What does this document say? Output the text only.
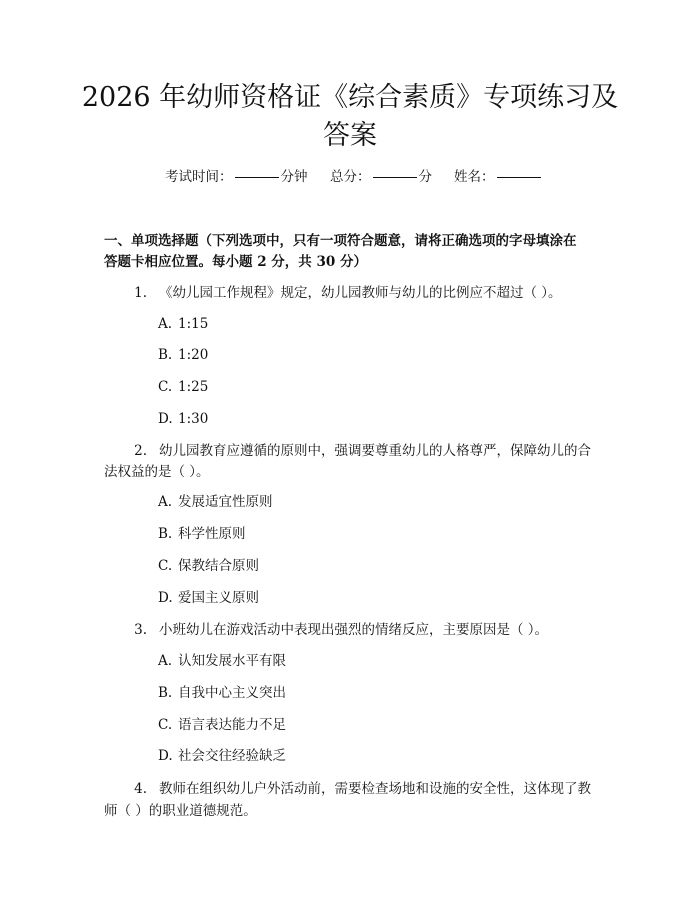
2026 年幼师资格证《综合素质》专项练习及
答案
考试时间：	分钟 总分：	分 姓名：
一、单项选择题（下列选项中，只有一项符合题意，请将正确选项的字母填涂在
答题卡相应位置。每小题 2 分，共 30 分）
1. 《幼儿园工作规程》规定，幼儿园教师与幼儿的比例应不超过（ ）。
A. 1:15
B. 1:20
C. 1:25
D. 1:30
2. 幼儿园教育应遵循的原则中，强调要尊重幼儿的人格尊严，保障幼儿的合
法权益的是（ ）。
A. 发展适宜性原则
B. 科学性原则
C. 保教结合原则
D. 爱国主义原则
3. 小班幼儿在游戏活动中表现出强烈的情绪反应，主要原因是（ ）。
A. 认知发展水平有限
B. 自我中心主义突出
C. 语言表达能力不足
D. 社会交往经验缺乏
4. 教师在组织幼儿户外活动前，需要检查场地和设施的安全性，这体现了教
师（ ）的职业道德规范。
